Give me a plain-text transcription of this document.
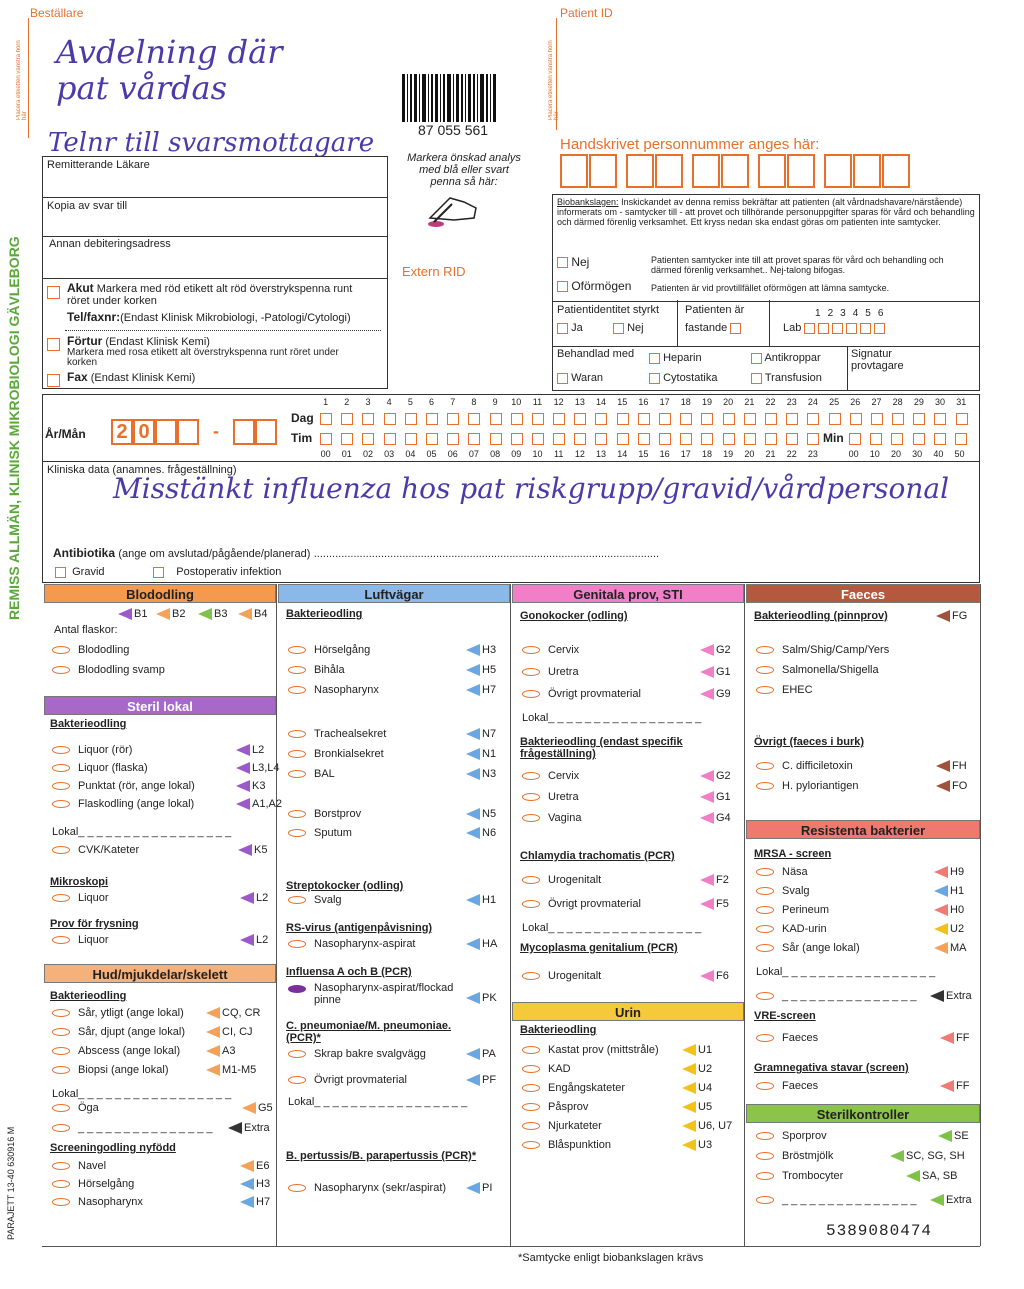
Beställare
Placera etiketten vänstra hörn här
Avdelning där pat vårdas
Telnr till svarsmottagare	87 055 561
Markera önskad analys med blå eller svart penna så här:
Extern RID
Patient ID
Placera etiketten vänstra hörn här
Handskrivet personnummer anges här:
REMISS ALLMÄN, KLINISK MIKROBIOLOGI GÄVLEBORG
PARAJETT 13-40 630916 M
Remitterande Läkare
Kopia av svar till
Annan debiteringsadress
Akut Markera med röd etikett alt röd överstrykspenna runt röret under korken
Tel/faxnr:(Endast Klinisk Mikrobiologi, -Patologi/Cytologi)
Förtur (Endast Klinisk Kemi)
Markera med rosa etikett alt överstrykspenna runt röret under korken
Fax (Endast Klinisk Kemi)
Biobankslagen: Inskickandet av denna remiss bekräftar att patienten (alt vårdnadshavare/närstående) informerats om - samtycker till - att provet och tillhörande personuppgifter sparas för vård och behandling och därmed förenlig verksamhet. Ett kryss nedan ska endast göras om patienten inte samtycker.
Nej	Patienten samtycker inte till att provet sparas för vård och behandling och därmed förenlig verksamhet.. Nej-talong bifogas.
Oförmögen Patienten är vid provtillfället oförmögen att lämna samtycke.
Patientidentitet styrkt
Ja	Nej
Patienten är
fastande
1 2 3 4 5 6
Lab
Behandlad med	Heparin	Antikroppar
Waran	Cytostatika	Transfusion
Signatur provtagare
År/Mån 2 0	-
Dag
Tim
1	2	3	4	5	6	7	8	9	10	11	12	13	14	15	16	17	18	19	20	21	22	23	24	25	26	27	28	29	30	31
Min
00	01	02	03	04	05	06	07	08	09	10	11	12	13	14	15	16	17	18	19	20	21	22	23	00	10	20	30	40	50
Kliniska data (anamnes. frågeställning)
Misstänkt influenza hos pat riskgrupp/gravid/vårdpersonal
Antibiotika (ange om avslutad/pågående/planerad) .................................................................................................................
Gravid	Postoperativ infektion
Blododling
B1 B2	B3 B4
Antal flaskor:
Blododling
Blododling svamp
Steril lokal
Bakterieodling
Liquor (rör)	L2
Liquor (flaska)	L3,L4
Punktat (rör, ange lokal)	K3
Flaskodling (ange lokal)	A1,A2
Lokal _ _ _ _ _ _ _ _ _ _ _ _ _ _ _ _ _
CVK/Kateter	K5
Mikroskopi
Liquor	L2
Prov för frysning
Liquor	L2
Hud/mjukdelar/skelett
Bakterieodling
Sår, ytligt (ange lokal)	CQ, CR
Sår, djupt (ange lokal)	CI, CJ
Abscess (ange lokal)	A3
Biopsi (ange lokal)	M1-M5
Lokal _ _ _ _ _ _ _ _ _ _ _ _ _ _ _ _ _
Öga	G5
_ _ _ _ _ _ _ _ _ _ _ _ _ _ _	Extra
Screeningodling nyfödd
Navel	E6
Hörselgång	H3
Nasopharynx	H7
Luftvägar
Bakterieodling
Hörselgång	H3
Bihåla	H5
Nasopharynx	H7
Trachealsekret	N7
Bronkialsekret	N1
BAL	N3
Borstprov	N5
Sputum	N6
Streptokocker (odling)
Svalg	H1
RS-virus (antigenpåvisning)
Nasopharynx-aspirat	HA
Influensa A och B (PCR)
Nasopharynx-aspirat/flockad pinne	PK
C. pneumoniae/M. pneumoniae. (PCR)*
Skrap bakre svalgvägg	PA
Övrigt provmaterial	PF
Lokal _ _ _ _ _ _ _ _ _ _ _ _ _ _ _ _ _
B. pertussis/B. parapertussis (PCR)*
Nasopharynx (sekr/aspirat)	PI
Genitala prov, STI
Gonokocker (odling)
Cervix	G2
Uretra	G1
Övrigt provmaterial	G9
Lokal _ _ _ _ _ _ _ _ _ _ _ _ _ _ _ _ _
Bakterieodling (endast specifik frågeställning)
Cervix	G2
Uretra	G1
Vagina	G4
Chlamydia trachomatis (PCR)
Urogenitalt	F2
Övrigt provmaterial	F5
Lokal _ _ _ _ _ _ _ _ _ _ _ _ _ _ _ _ _
Mycoplasma genitalium (PCR)
Urogenitalt	F6
Urin
Bakterieodling
Kastat prov (mittstråle)	U1
KAD	U2
Engångskateter	U4
Påsprov	U5
Njurkateter	U6, U7
Blåspunktion	U3
Faeces
Bakterieodling (pinnprov)	FG
Salm/Shig/Camp/Yers
Salmonella/Shigella
EHEC
Övrigt (faeces i burk)
C. difficiletoxin	FH
H. pyloriantigen	FO
Resistenta bakterier
MRSA - screen
Näsa	H9
Svalg	H1
Perineum	H0
KAD-urin	U2
Sår (ange lokal)	MA
Lokal _ _ _ _ _ _ _ _ _ _ _ _ _ _ _ _ _
_ _ _ _ _ _ _ _ _ _ _ _ _ _ _	Extra
VRE-screen
Faeces	FF
Gramnegativa stavar (screen)
Faeces	FF
Sterilkontroller
Sporprov	SE
Bröstmjölk	SC, SG, SH
Trombocyter	SA, SB
_ _ _ _ _ _ _ _ _ _ _ _ _ _ _	Extra
5389080474
*Samtycke enligt biobankslagen krävs
